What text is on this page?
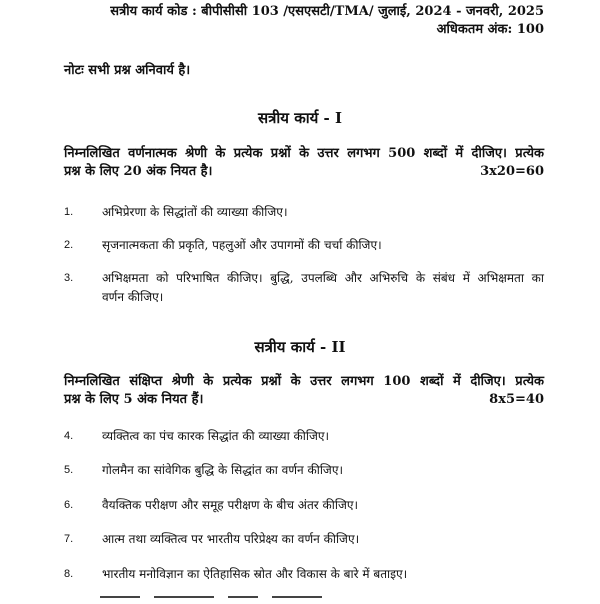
सत्रीय कार्य कोड : बीपीसीसी 103 /एसएसटी/TMA/ जुलाई, 2024 - जनवरी, 2025
अधिकतम अंक: 100
नोटः सभी प्रश्न अनिवार्य है।
सत्रीय कार्य - I
निम्नलिखित वर्णनात्मक श्रेणी के प्रत्येक प्रश्नों के उत्तर लगभग 500 शब्दों में दीजिए। प्रत्येक
प्रश्न के लिए 20 अंक नियत है।	3x20=60
1.	अभिप्रेरणा के सिद्धांतों की व्याख्या कीजिए।
2.	सृजनात्मकता की प्रकृति, पहलुओं और उपागमों की चर्चा कीजिए।
3.	अभिक्षमता को परिभाषित कीजिए। बुद्धि, उपलब्धि और अभिरुचि के संबंध में अभिक्षमता का
वर्णन कीजिए।
सत्रीय कार्य - II
निम्नलिखित संक्षिप्त श्रेणी के प्रत्येक प्रश्नों के उत्तर लगभग 100 शब्दों में दीजिए। प्रत्येक
प्रश्न के लिए 5 अंक नियत हैं।	8x5=40
4.	व्यक्तित्व का पंच कारक सिद्धांत की व्याख्या कीजिए।
5.	गोलमैन का सांवेगिक बुद्धि के सिद्धांत का वर्णन कीजिए।
6.	वैयक्तिक परीक्षण और समूह परीक्षण के बीच अंतर कीजिए।
7.	आत्म तथा व्यक्तित्व पर भारतीय परिप्रेक्ष्य का वर्णन कीजिए।
8.	भारतीय मनोविज्ञान का ऐतिहासिक स्रोत और विकास के बारे में बताइए।
